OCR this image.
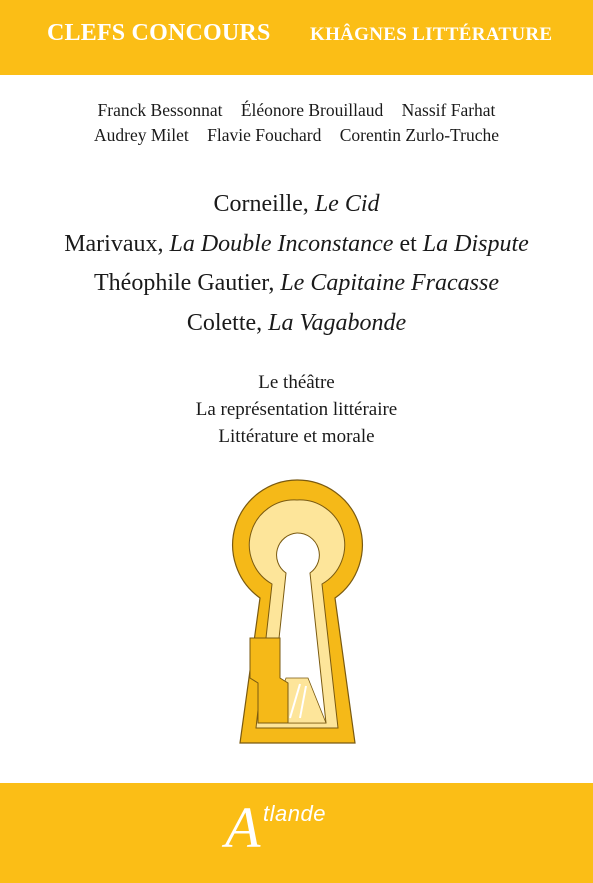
CLEFS CONCOURS KHÂGNES LITTÉRATURE
Franck Bessonnat Éléonore Brouillaud Nassif Farhat
Audrey Milet Flavie Fouchard Corentin Zurlo-Truche
Corneille, Le Cid
Marivaux, La Double Inconstance et La Dispute
Théophile Gautier, Le Capitaine Fracasse
Colette, La Vagabonde
Le théâtre
La représentation littéraire
Littérature et morale
A tlande
